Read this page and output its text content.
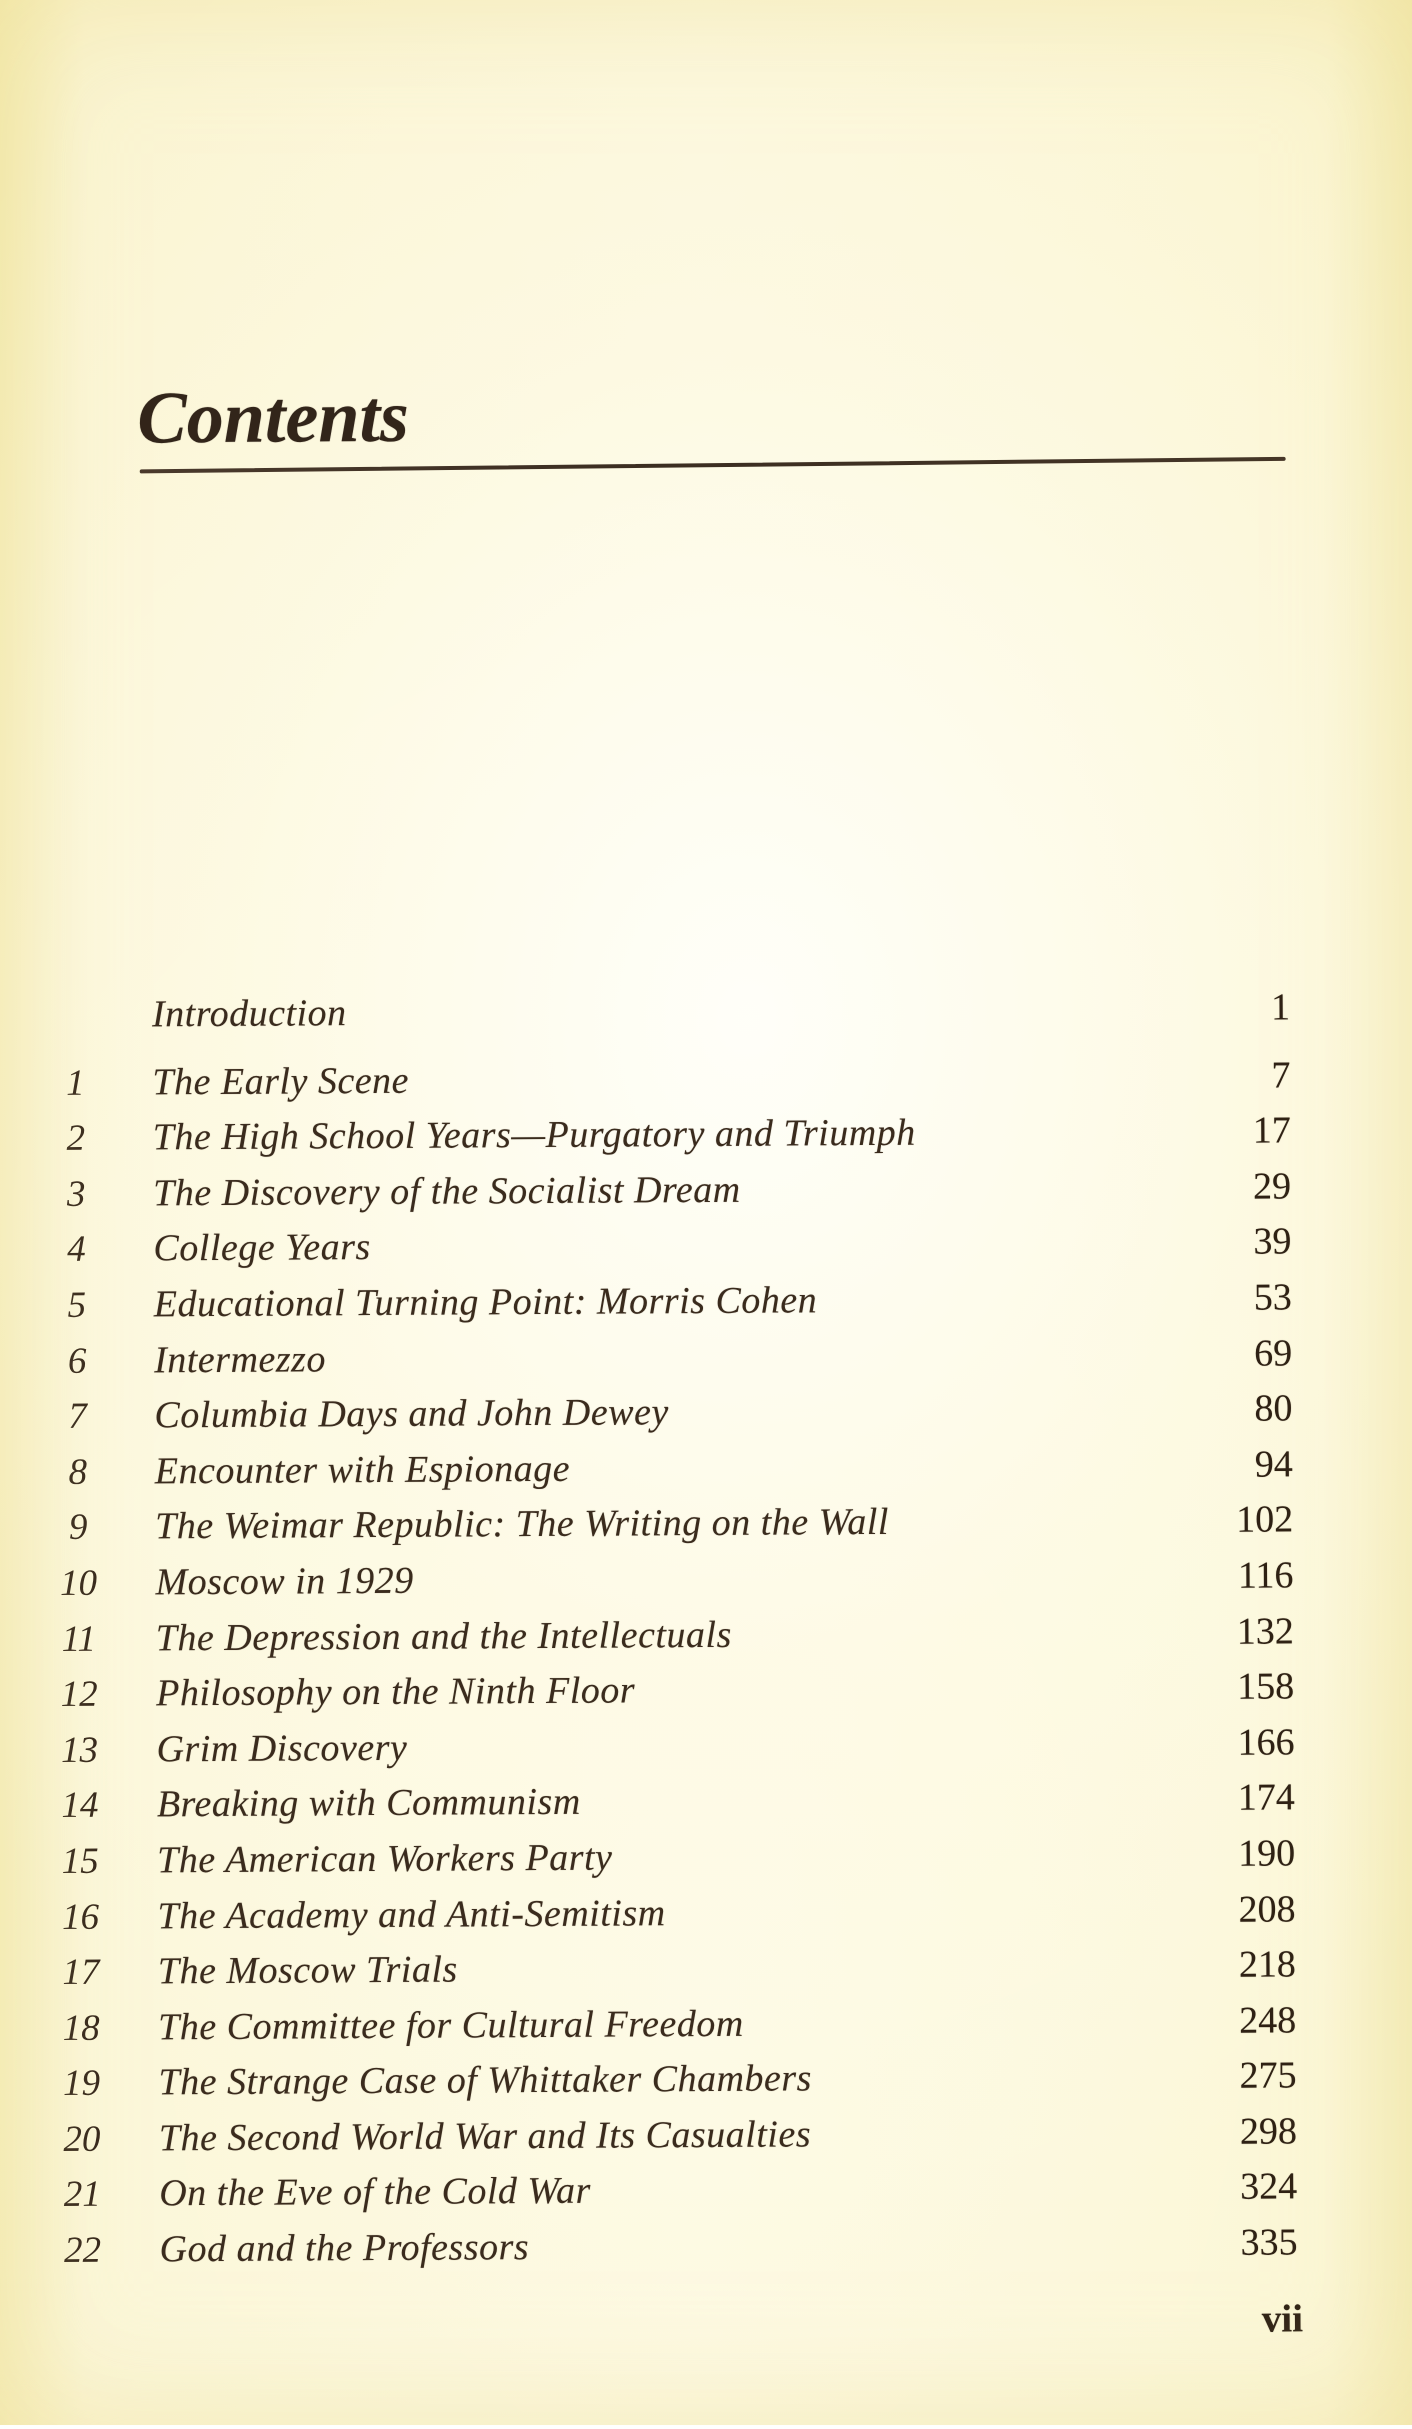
Contents
Introduction	1
1	The Early Scene	7
2	The High School Years—Purgatory and Triumph	17
3	The Discovery of the Socialist Dream	29
4	College Years	39
5	Educational Turning Point: Morris Cohen	53
6	Intermezzo	69
7	Columbia Days and John Dewey	80
8	Encounter with Espionage	94
9	The Weimar Republic: The Writing on the Wall	102
10	Moscow in 1929	116
11	The Depression and the Intellectuals	132
12	Philosophy on the Ninth Floor	158
13	Grim Discovery	166
14	Breaking with Communism	174
15	The American Workers Party	190
16	The Academy and Anti-Semitism	208
17	The Moscow Trials	218
18	The Committee for Cultural Freedom	248
19	The Strange Case of Whittaker Chambers	275
20	The Second World War and Its Casualties	298
21	On the Eve of the Cold War	324
22	God and the Professors	335
vii
